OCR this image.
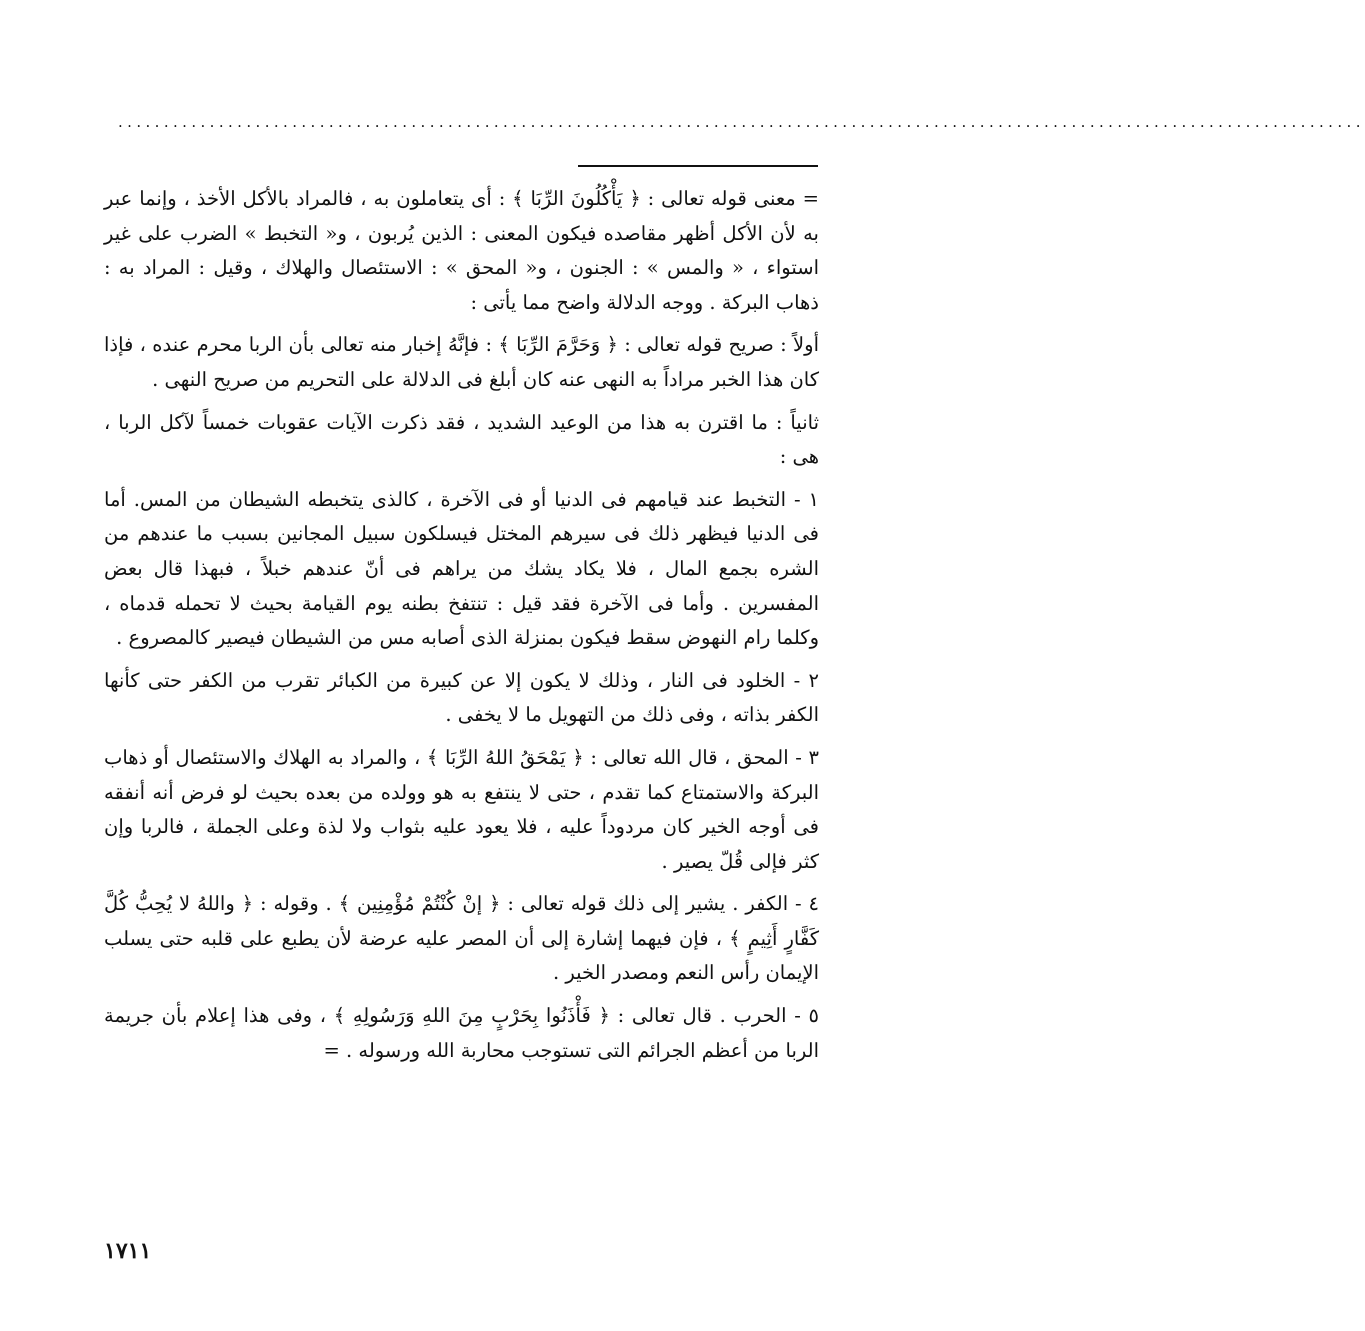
........................................................................................................................................

= معنى قوله تعالى : ﴿ يَأْكُلُونَ الرِّبَا ﴾ : أى يتعاملون به ، فالمراد بالأكل الأخذ ، وإنما عبر به لأن الأكل أظهر مقاصده فيكون المعنى : الذين يُربون ، و« التخبط » الضرب على غير استواء ، « والمس » : الجنون ، و« المحق » : الاستئصال والهلاك ، وقيل : المراد به : ذهاب البركة . ووجه الدلالة واضح مما يأتى :

أولاً : صريح قوله تعالى : ﴿ وَحَرَّمَ الرِّبَا ﴾ : فإنَّهُ إخبار منه تعالى بأن الربا محرم عنده ، فإذا كان هذا الخبر مراداً به النهى عنه كان أبلغ فى الدلالة على التحريم من صريح النهى .

ثانياً : ما اقترن به هذا من الوعيد الشديد ، فقد ذكرت الآيات عقوبات خمساً لآكل الربا ، هى :

١ - التخبط عند قيامهم فى الدنيا أو فى الآخرة ، كالذى يتخبطه الشيطان من المس. أما فى الدنيا فيظهر ذلك فى سيرهم المختل فيسلكون سبيل المجانين بسبب ما عندهم من الشره بجمع المال ، فلا يكاد يشك من يراهم فى أنّ عندهم خبلاً ، فبهذا قال بعض المفسرين . وأما فى الآخرة فقد قيل : تنتفخ بطنه يوم القيامة بحيث لا تحمله قدماه ، وكلما رام النهوض سقط فيكون بمنزلة الذى أصابه مس من الشيطان فيصير كالمصروع .

٢ - الخلود فى النار ، وذلك لا يكون إلا عن كبيرة من الكبائر تقرب من الكفر حتى كأنها الكفر بذاته ، وفى ذلك من التهويل ما لا يخفى .

٣ - المحق ، قال الله تعالى : ﴿ يَمْحَقُ اللهُ الرِّبَا ﴾ ، والمراد به الهلاك والاستئصال أو ذهاب البركة والاستمتاع كما تقدم ، حتى لا ينتفع به هو وولده من بعده بحيث لو فرض أنه أنفقه فى أوجه الخير كان مردوداً عليه ، فلا يعود عليه بثواب ولا لذة وعلى الجملة ، فالربا وإن كثر فإلى قُلّ يصير .

٤ - الكفر . يشير إلى ذلك قوله تعالى : ﴿ إنْ كُنْتُمْ مُؤْمِنِين ﴾ . وقوله : ﴿ واللهُ لا يُحِبُّ كُلَّ كَفَّارٍ أَثِيمٍ ﴾ ، فإن فيهما إشارة إلى أن المصر عليه عرضة لأن يطبع على قلبه حتى يسلب الإيمان رأس النعم ومصدر الخير .

٥ - الحرب . قال تعالى : ﴿ فَأْذَنُوا بِحَرْبٍ مِنَ اللهِ وَرَسُولِهِ ﴾ ، وفى هذا إعلام بأن جريمة الربا من أعظم الجرائم التى تستوجب محاربة الله ورسوله . =

١٧١١
